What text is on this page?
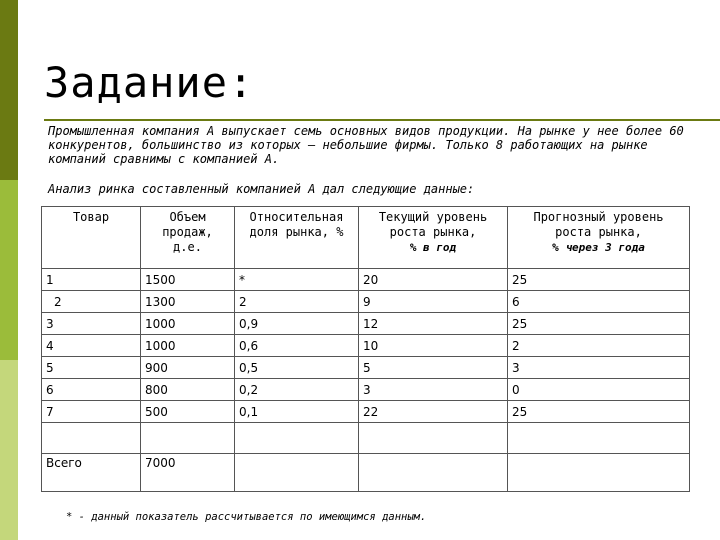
Задание:

Промышленная компания А выпускает семь основных видов продукции. На рынке у нее более 60 конкурентов, большинство из которых – небольшие фирмы. Только 8 работающих на рынке компаний сравнимы с компанией А.

Анализ ринка составленный компанией А дал следующие данные:

Товар	Объем продаж, д.е.	Относительная доля рынка, %	Текущий уровень роста рынка,
% в год	Прогнозный уровень роста рынка,
% через 3 года

1	1500	*	20	25
2	1300	2	9	6
3	1000	0,9	12	25
4	1000	0,6	10	2
5	900	0,5	5	3
6	800	0,2	3	0
7	500	0,1	22	25

Всего	7000			
* - данный показатель рассчитывается по имеющимся данным.
